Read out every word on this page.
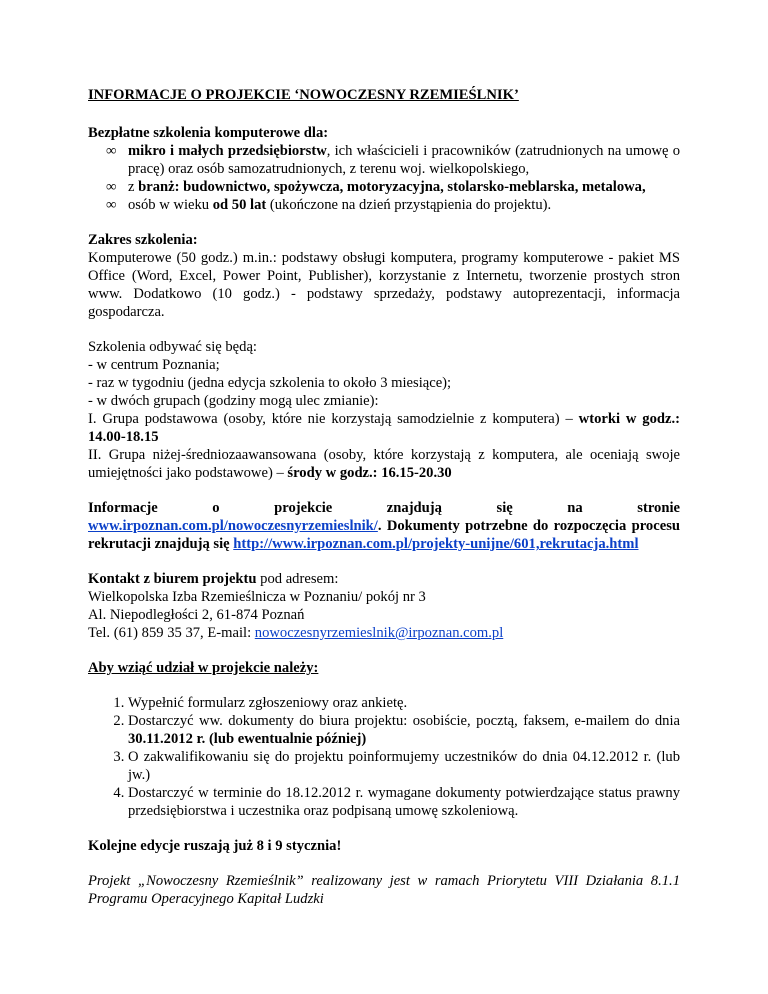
INFORMACJE O PROJEKCIE ‘NOWOCZESNY RZEMIEŚLNIK’

Bezpłatne szkolenia komputerowe dla:

∞ mikro i małych przedsiębiorstw, ich właścicieli i pracowników (zatrudnionych na umowę o pracę) oraz osób samozatrudnionych, z terenu woj. wielkopolskiego,
∞ z branż: budownictwo, spożywcza, motoryzacyjna, stolarsko-meblarska, metalowa,
∞ osób w wieku od 50 lat (ukończone na dzień przystąpienia do projektu).

Zakres szkolenia:

Komputerowe (50 godz.) m.in.: podstawy obsługi komputera, programy komputerowe - pakiet MS Office (Word, Excel, Power Point, Publisher), korzystanie z Internetu, tworzenie prostych stron www. Dodatkowo (10 godz.) - podstawy sprzedaży, podstawy autoprezentacji, informacja gospodarcza.

Szkolenia odbywać się będą:

- w centrum Poznania;

- raz w tygodniu (jedna edycja szkolenia to około 3 miesiące);

- w dwóch grupach (godziny mogą ulec zmianie):

I. Grupa podstawowa (osoby, które nie korzystają samodzielnie z komputera) – wtorki w godz.: 14.00-18.15

II. Grupa niżej-średniozaawansowana (osoby, które korzystają z komputera, ale oceniają swoje umiejętności jako podstawowe) – środy w godz.: 16.15-20.30

Informacje o projekcie znajdują się na stronie

www.irpoznan.com.pl/nowoczesnyrzemieslnik/. Dokumenty potrzebne do rozpoczęcia procesu rekrutacji znajdują się http://www.irpoznan.com.pl/projekty-unijne/601,rekrutacja.html

Kontakt z biurem projektu pod adresem:

Wielkopolska Izba Rzemieślnicza w Poznaniu/ pokój nr 3

Al. Niepodległości 2, 61-874 Poznań

Tel. (61) 859 35 37, E-mail: nowoczesnyrzemieslnik@irpoznan.com.pl

Aby wziąć udział w projekcie należy:

1. Wypełnić formularz zgłoszeniowy oraz ankietę.
2. Dostarczyć ww. dokumenty do biura projektu: osobiście, pocztą, faksem, e-mailem do dnia 30.11.2012 r. (lub ewentualnie później)
3. O zakwalifikowaniu się do projektu poinformujemy uczestników do dnia 04.12.2012 r. (lub jw.)
4. Dostarczyć w terminie do 18.12.2012 r. wymagane dokumenty potwierdzające status prawny przedsiębiorstwa i uczestnika oraz podpisaną umowę szkoleniową.

Kolejne edycje ruszają już 8 i 9 stycznia!

Projekt „Nowoczesny Rzemieślnik” realizowany jest w ramach Priorytetu VIII Działania 8.1.1 Programu Operacyjnego Kapitał Ludzki
